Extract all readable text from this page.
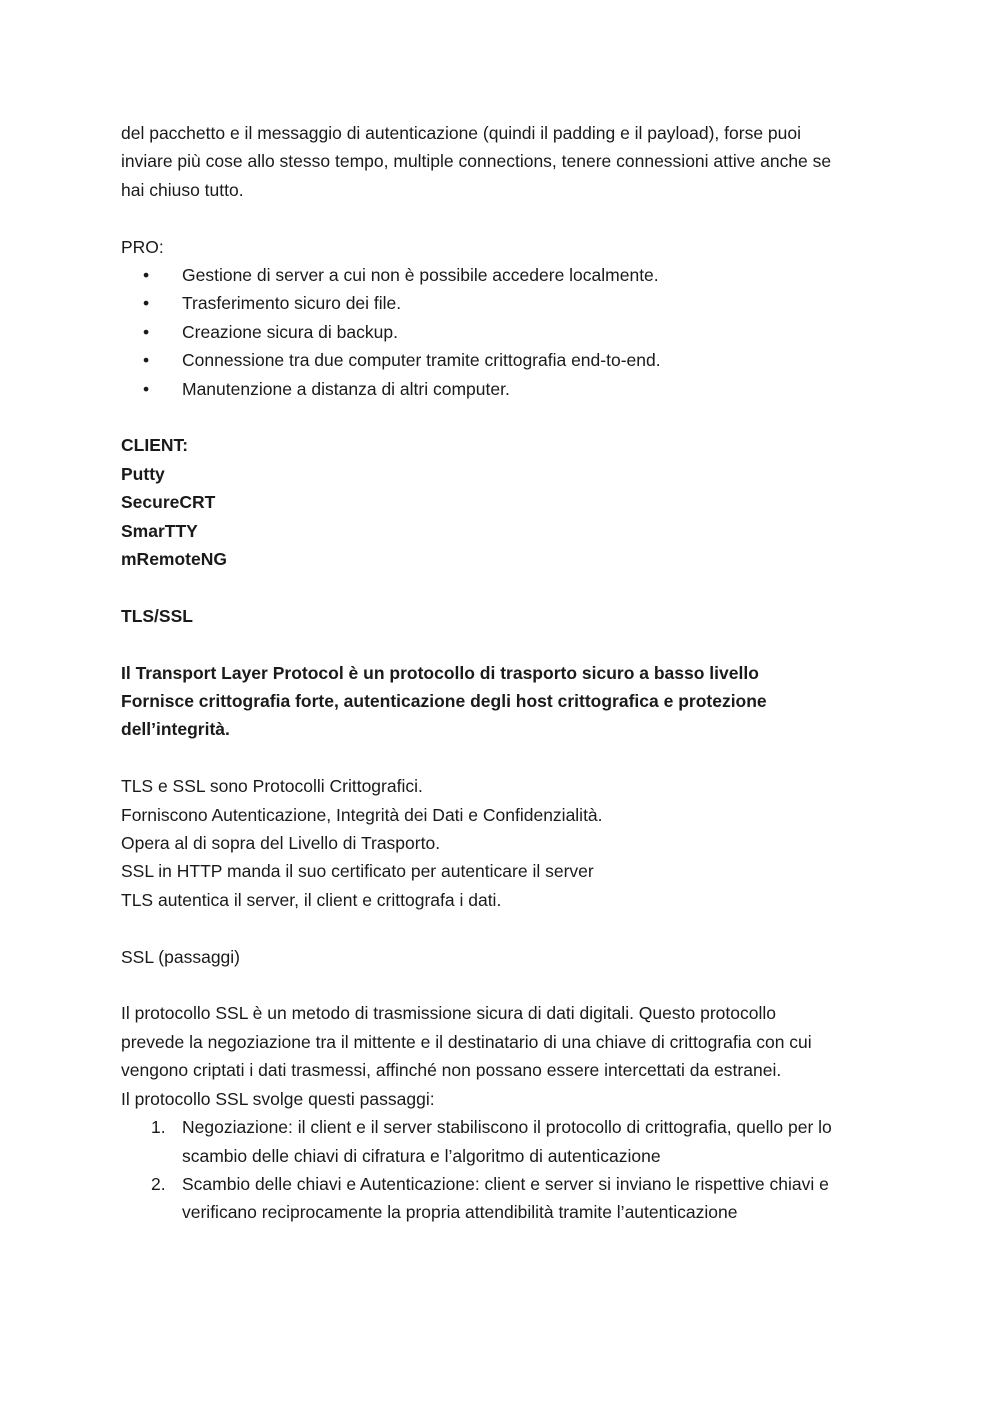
del pacchetto e il messaggio di autenticazione (quindi il padding e il payload), forse puoi

inviare più cose allo stesso tempo, multiple connections, tenere connessioni attive anche se

hai chiuso tutto.

PRO:

• Gestione di server a cui non è possibile accedere localmente.
• Trasferimento sicuro dei file.
• Creazione sicura di backup.
• Connessione tra due computer tramite crittografia end-to-end.
• Manutenzione a distanza di altri computer.

CLIENT:

Putty

SecureCRT

SmarTTY

mRemoteNG

TLS/SSL

Il Transport Layer Protocol è un protocollo di trasporto sicuro a basso livello

Fornisce crittografia forte, autenticazione degli host crittografica e protezione

dell’integrità.

TLS e SSL sono Protocolli Crittografici.

Forniscono Autenticazione, Integrità dei Dati e Confidenzialità.

Opera al di sopra del Livello di Trasporto.

SSL in HTTP manda il suo certificato per autenticare il server

TLS autentica il server, il client e crittografa i dati.

SSL (passaggi)

Il protocollo SSL è un metodo di trasmissione sicura di dati digitali. Questo protocollo

prevede la negoziazione tra il mittente e il destinatario di una chiave di crittografia con cui

vengono criptati i dati trasmessi, affinché non possano essere intercettati da estranei.

Il protocollo SSL svolge questi passaggi:

1. Negoziazione: il client e il server stabiliscono il protocollo di crittografia, quello per lo

scambio delle chiavi di cifratura e l’algoritmo di autenticazione

2. Scambio delle chiavi e Autenticazione: client e server si inviano le rispettive chiavi e

verificano reciprocamente la propria attendibilità tramite l’autenticazione
